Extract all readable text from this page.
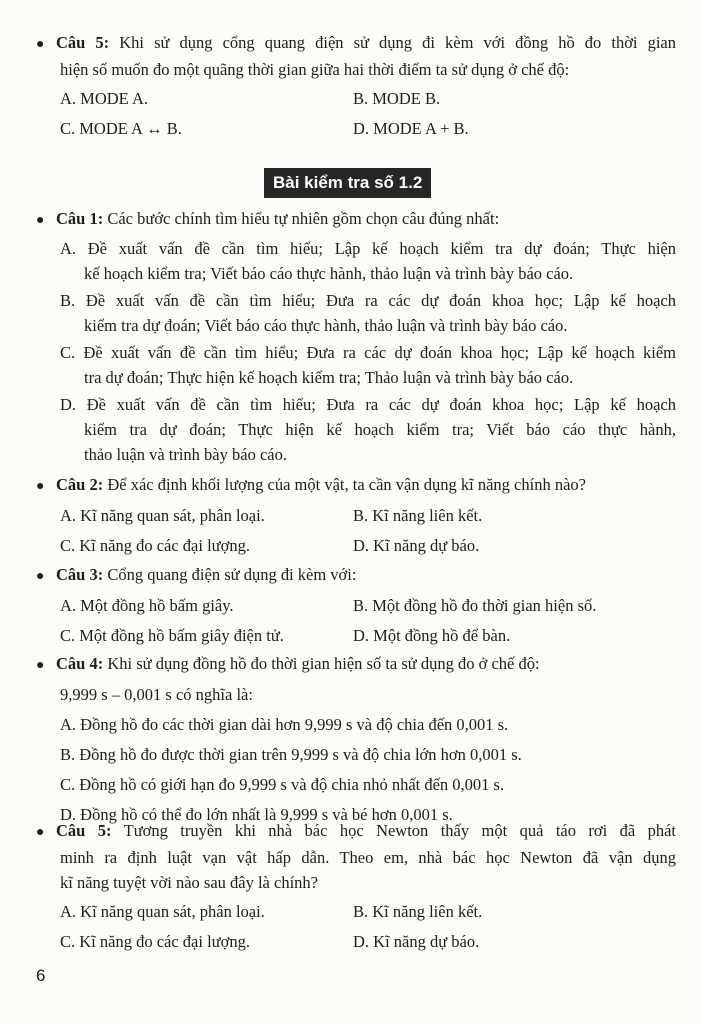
● Câu 5: Khi sử dụng cổng quang điện sử dụng đi kèm với đồng hồ đo thời gian
hiện số muốn đo một quãng thời gian giữa hai thời điểm ta sử dụng ở chế độ:
A. MODE A.	B. MODE B.
C. MODE A ↔ B.	D. MODE A + B.
Bài kiểm tra số 1.2
● Câu 1: Các bước chính tìm hiểu tự nhiên gồm chọn câu đúng nhất:
A. Đề xuất vấn đề cần tìm hiểu; Lập kế hoạch kiểm tra dự đoán; Thực hiện
kế hoạch kiểm tra; Viết báo cáo thực hành, thảo luận và trình bày báo cáo.
B. Đề xuất vấn đề cần tìm hiểu; Đưa ra các dự đoán khoa học; Lập kế hoạch
kiểm tra dự đoán; Viết báo cáo thực hành, thảo luận và trình bày báo cáo.
C. Đề xuất vấn đề cần tìm hiểu; Đưa ra các dự đoán khoa học; Lập kế hoạch kiểm
tra dự đoán; Thực hiện kế hoạch kiểm tra; Thảo luận và trình bày báo cáo.
D. Đề xuất vấn đề cần tìm hiểu; Đưa ra các dự đoán khoa học; Lập kế hoạch
kiểm tra dự đoán; Thực hiện kế hoạch kiểm tra; Viết báo cáo thực hành,
thảo luận và trình bày báo cáo.
● Câu 2: Để xác định khối lượng của một vật, ta cần vận dụng kĩ năng chính nào?
A. Kĩ năng quan sát, phân loại.	B. Kĩ năng liên kết.
C. Kĩ năng đo các đại lượng.	D. Kĩ năng dự báo.
● Câu 3: Cổng quang điện sử dụng đi kèm với:
A. Một đồng hồ bấm giây.	B. Một đồng hồ đo thời gian hiện số.
C. Một đồng hồ bấm giây điện tử.	D. Một đồng hồ để bàn.
● Câu 4: Khi sử dụng đồng hồ đo thời gian hiện số ta sử dụng đo ở chế độ:
9,999 s – 0,001 s có nghĩa là:
A. Đồng hồ đo các thời gian dài hơn 9,999 s và độ chia đến 0,001 s.
B. Đồng hồ đo được thời gian trên 9,999 s và độ chia lớn hơn 0,001 s.
C. Đồng hồ có giới hạn đo 9,999 s và độ chia nhỏ nhất đến 0,001 s.
D. Đồng hồ có thể đo lớn nhất là 9,999 s và bé hơn 0,001 s.
● Câu 5: Tương truyền khi nhà bác học Newton thấy một quả táo rơi đã phát
minh ra định luật vạn vật hấp dẫn. Theo em, nhà bác học Newton đã vận dụng
kĩ năng tuyệt vời nào sau đây là chính?
A. Kĩ năng quan sát, phân loại.	B. Kĩ năng liên kết.
C. Kĩ năng đo các đại lượng.	D. Kĩ năng dự báo.
6
